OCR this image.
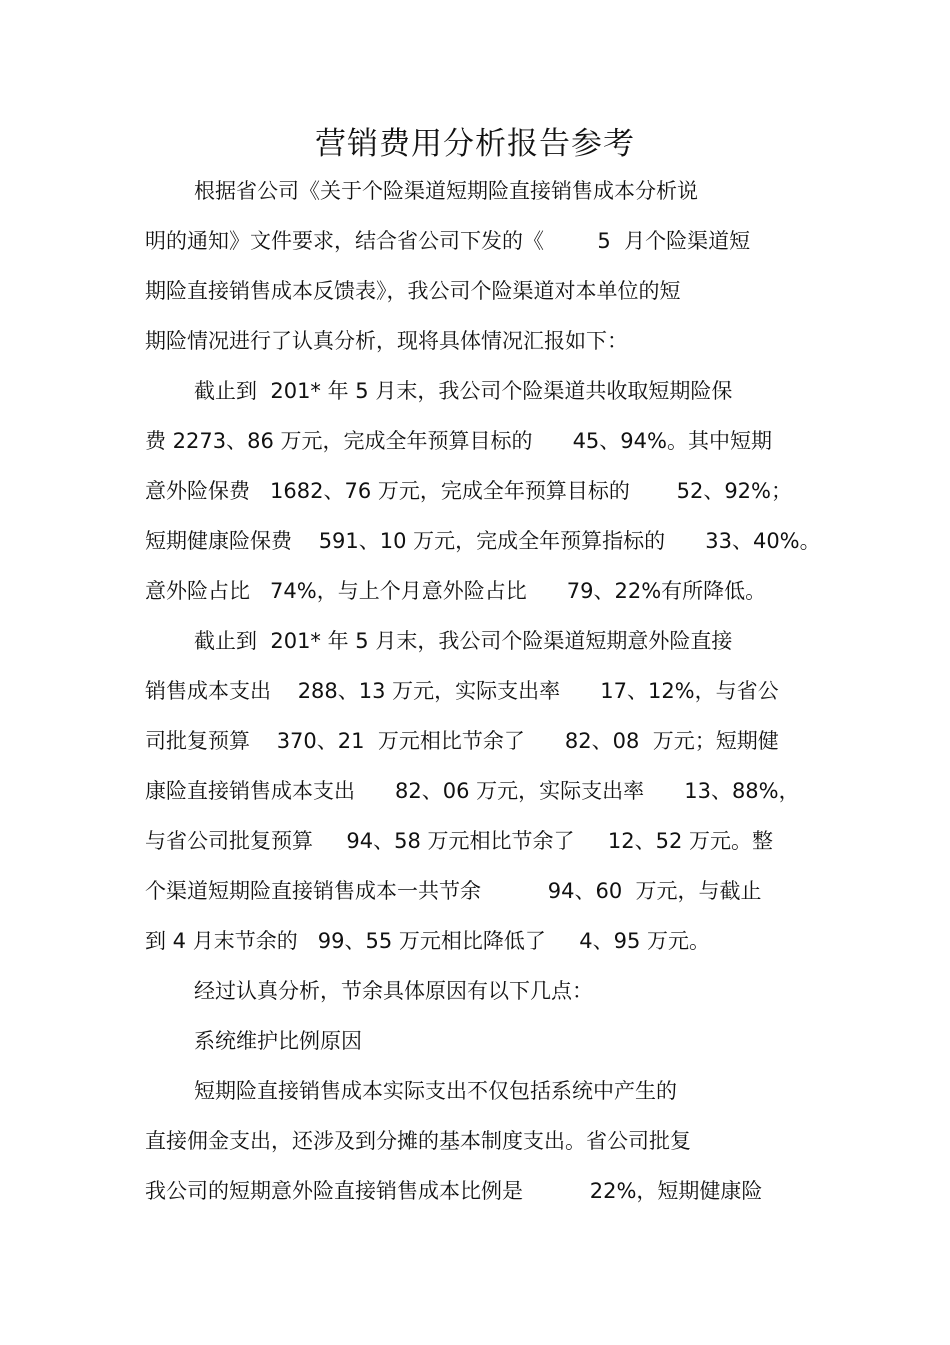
营销费用分析报告参考

根据省公司《关于个险渠道短期险直接销售成本分析说

明的通知》文件要求，结合省公司下发的《        5  月个险渠道短

期险直接销售成本反馈表》，我公司个险渠道对本单位的短

期险情况进行了认真分析，现将具体情况汇报如下：

截止到  201* 年 5 月末，我公司个险渠道共收取短期险保

费 2273、86 万元，完成全年预算目标的      45、94%。其中短期

意外险保费   1682、76 万元，完成全年预算目标的       52、92%；

短期健康险保费    591、10 万元，完成全年预算指标的      33、40%。

意外险占比   74%，与上个月意外险占比      79、22%有所降低。

截止到  201* 年 5 月末，我公司个险渠道短期意外险直接

销售成本支出    288、13 万元，实际支出率      17、12%，与省公

司批复预算    370、21  万元相比节余了      82、08  万元；短期健

康险直接销售成本支出      82、06 万元，实际支出率      13、88%，

与省公司批复预算     94、58 万元相比节余了     12、52 万元。整

个渠道短期险直接销售成本一共节余          94、60  万元，与截止

到 4 月末节余的   99、55 万元相比降低了     4、95 万元。

经过认真分析，节余具体原因有以下几点：

系统维护比例原因

短期险直接销售成本实际支出不仅包括系统中产生的

直接佣金支出，还涉及到分摊的基本制度支出。省公司批复

我公司的短期意外险直接销售成本比例是          22%，短期健康险
